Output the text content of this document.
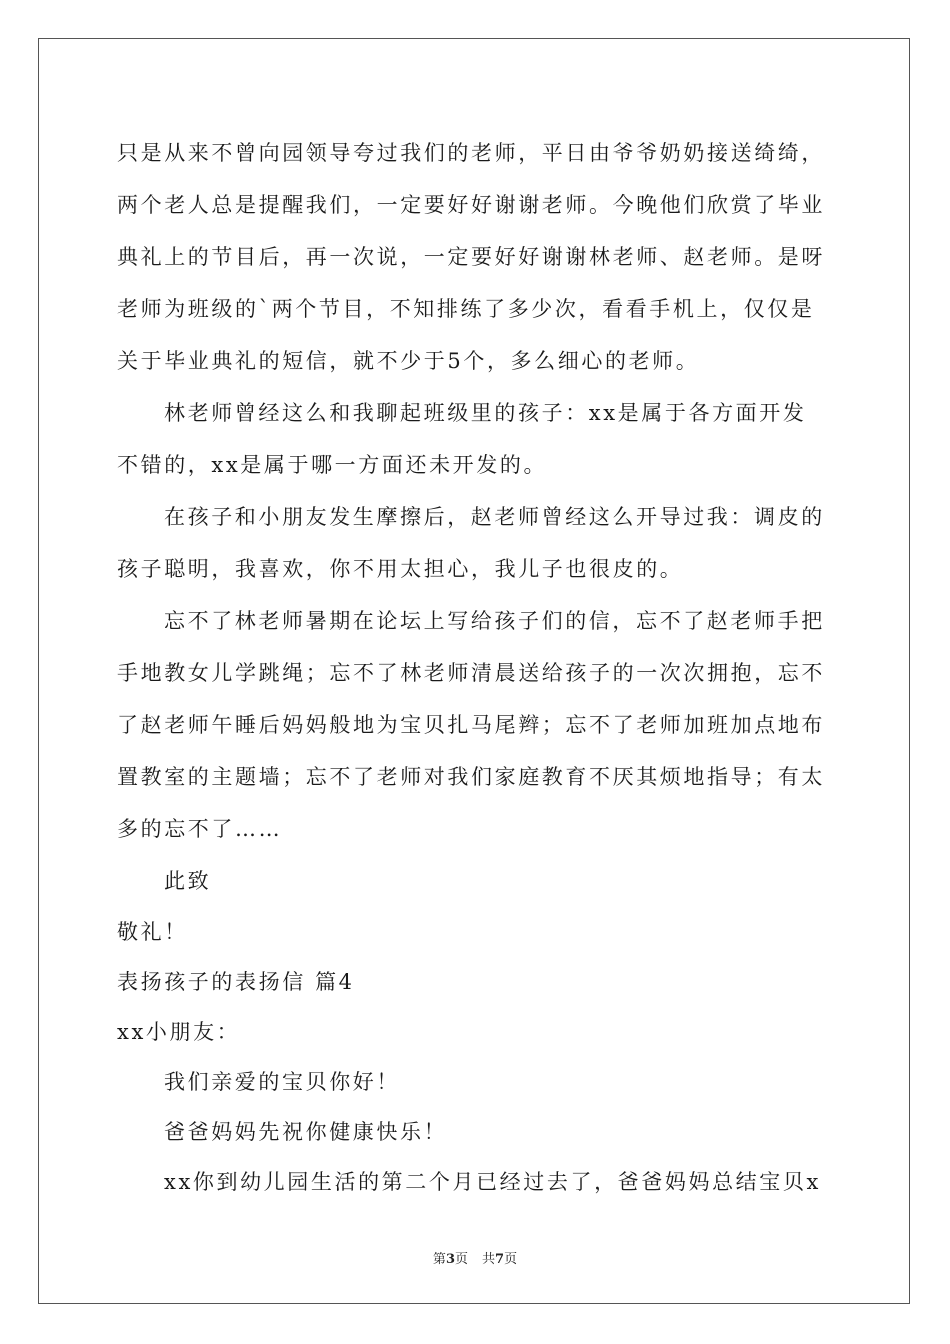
只是从来不曾向园领导夸过我们的老师，平日由爷爷奶奶接送绮绮，
两个老人总是提醒我们，一定要好好谢谢老师。今晚他们欣赏了毕业
典礼上的节目后，再一次说，一定要好好谢谢林老师、赵老师。是呀
老师为班级的`两个节目，不知排练了多少次，看看手机上，仅仅是
关于毕业典礼的短信，就不少于5个，多么细心的老师。
林老师曾经这么和我聊起班级里的孩子：xx是属于各方面开发
不错的，xx是属于哪一方面还未开发的。
在孩子和小朋友发生摩擦后，赵老师曾经这么开导过我：调皮的
孩子聪明，我喜欢，你不用太担心，我儿子也很皮的。
忘不了林老师暑期在论坛上写给孩子们的信，忘不了赵老师手把
手地教女儿学跳绳；忘不了林老师清晨送给孩子的一次次拥抱，忘不
了赵老师午睡后妈妈般地为宝贝扎马尾辫；忘不了老师加班加点地布
置教室的主题墙；忘不了老师对我们家庭教育不厌其烦地指导；有太
多的忘不了……
此致
敬礼！
表扬孩子的表扬信 篇4
xx小朋友：
我们亲爱的宝贝你好！
爸爸妈妈先祝你健康快乐！
xx你到幼儿园生活的第二个月已经过去了，爸爸妈妈总结宝贝x
第3页 共7页
